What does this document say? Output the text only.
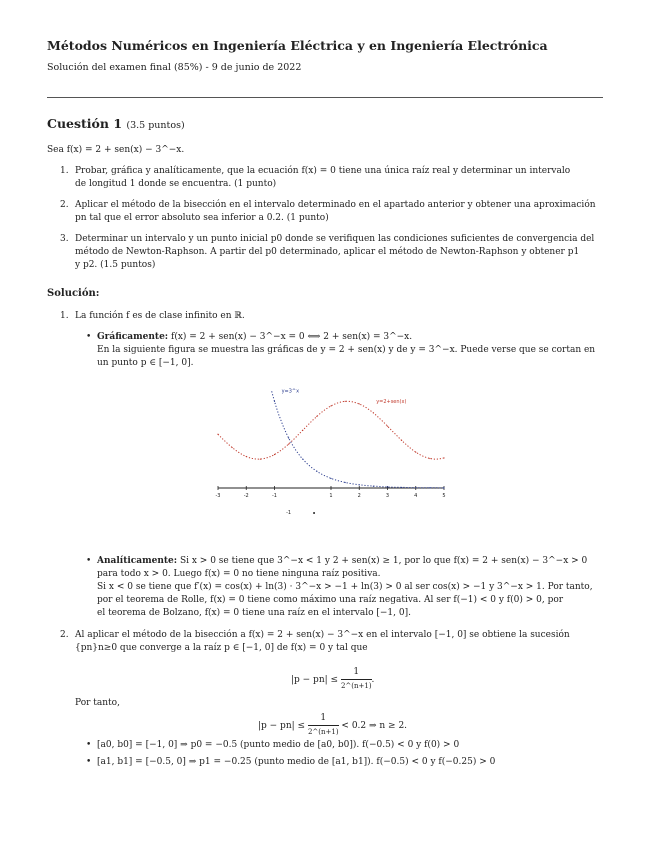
Métodos Numéricos en Ingeniería Eléctrica y en Ingeniería Electrónica
Solución del examen final (85%) - 9 de junio de 2022
Cuestión 1 (3.5 puntos)
Sea f(x) = 2 + sen(x) − 3^−x.
1. Probar, gráfica y analíticamente, que la ecuación f(x) = 0 tiene una única raíz real y determinar un intervalo
de longitud 1 donde se encuentra. (1 punto)
2. Aplicar el método de la bisección en el intervalo determinado en el apartado anterior y obtener una aproximación
pn tal que el error absoluto sea inferior a 0.2. (1 punto)
3. Determinar un intervalo y un punto inicial p0 donde se verifiquen las condiciones suficientes de convergencia del
método de Newton-Raphson. A partir del p0 determinado, aplicar el método de Newton-Raphson y obtener p1
y p2. (1.5 puntos)
Solución:
1. La función f es de clase infinito en ℝ.
• Gráficamente: f(x) = 2 + sen(x) − 3^−x = 0 ⟺ 2 + sen(x) = 3^−x.
En la siguiente figura se muestra las gráficas de y = 2 + sen(x) y de y = 3^−x. Puede verse que se cortan en
un punto p ∈ [−1, 0].
-3	-2	-1	1	2	3	4	5
-1
y=3^x
y=2+sen(x)
• Analíticamente: Si x > 0 se tiene que 3^−x < 1 y 2 + sen(x) ≥ 1, por lo que f(x) = 2 + sen(x) − 3^−x > 0
para todo x > 0. Luego f(x) = 0 no tiene ninguna raíz positiva.
Si x < 0 se tiene que f′(x) = cos(x) + ln(3) · 3^−x > −1 + ln(3) > 0 al ser cos(x) > −1 y 3^−x > 1. Por tanto,
por el teorema de Rolle, f(x) = 0 tiene como máximo una raíz negativa. Al ser f(−1) < 0 y f(0) > 0, por
el teorema de Bolzano, f(x) = 0 tiene una raíz en el intervalo [−1, 0].
2. Al aplicar el método de la bisección a f(x) = 2 + sen(x) − 3^−x en el intervalo [−1, 0] se obtiene la sucesión
{pn}n≥0 que converge a la raíz p ∈ [−1, 0] de f(x) = 0 y tal que
$|p - pn| \le \frac{1}{2\^{}(n+1)}$ .
Por tanto,
$|p - pn| \le \frac{1}{2\^{}(n+1)} < 0.2$ ⇒ n ≥ 2.
• [a0, b0] = [−1, 0] ⇒ p0 = −0.5 (punto medio de [a0, b0]). f(−0.5) < 0 y f(0) > 0
• [a1, b1] = [−0.5, 0] ⇒ p1 = −0.25 (punto medio de [a1, b1]). f(−0.5) < 0 y f(−0.25) > 0
